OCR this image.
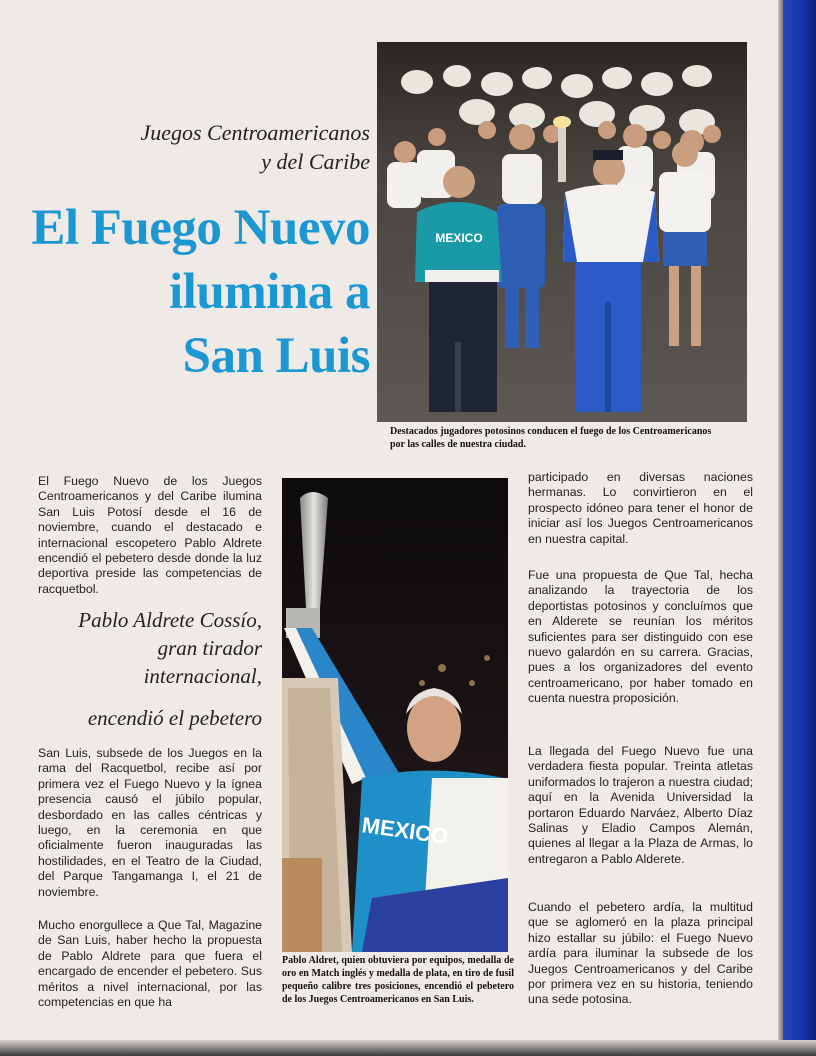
Juegos Centroamericanos
y del Caribe
El Fuego Nuevo
ilumina a
San Luis
MEXICO
Destacados jugadores potosinos conducen el fuego de los Centroamericanos
por las calles de nuestra ciudad.
MEXICO
Pablo Aldret, quien obtuviera por equipos, medalla de oro en Match inglés y medalla de plata, en tiro de fusil pequeño calibre tres posiciones, encendió el pebetero de los Juegos Centroamericanos en San Luis.

El Fuego Nuevo de los Juegos Centroamericanos y del Caribe ilumina San Luis Potosí desde el 16 de noviembre, cuando el destacado e internacional escopetero Pablo Aldrete encendió el pebetero desde donde la luz deportiva preside las competencias de racquetbol.

Pablo Aldrete Cossío,
gran tirador
internacional,
encendió el pebetero

San Luis, subsede de los Juegos en la rama del Racquetbol, recibe así por primera vez el Fuego Nuevo y la ígnea presencia causó el júbilo popular, desbordado en las calles céntricas y luego, en la ceremonia en que oficialmente fueron inauguradas las hostilidades, en el Teatro de la Ciudad, del Parque Tangamanga I, el 21 de noviembre.

Mucho enorgullece a Que Tal, Magazine de San Luis, haber hecho la propuesta de Pablo Aldrete para que fuera el encargado de encender el pebetero. Sus méritos a nivel internacional, por las competencias en que ha

participado en diversas naciones hermanas. Lo convirtieron en el prospecto idóneo para tener el honor de iniciar así los Juegos Centroamericanos en nuestra capital.

Fue una propuesta de Que Tal, hecha analizando la trayectoria de los deportistas potosinos y concluímos que en Alderete se reunían los méritos suficientes para ser distinguido con ese nuevo galardón en su carrera. Gracias, pues a los organizadores del evento centroamericano, por haber tomado en cuenta nuestra proposición.

La llegada del Fuego Nuevo fue una verdadera fiesta popular. Treinta atletas uniformados lo trajeron a nuestra ciudad; aquí en la Avenida Universidad la portaron Eduardo Narváez, Alberto Díaz Salinas y Eladio Campos Alemán, quienes al llegar a la Plaza de Armas, lo entregaron a Pablo Alderete.

Cuando el pebetero ardía, la multitud que se aglomeró en la plaza principal hizo estallar su júbilo: el Fuego Nuevo ardía para iluminar la subsede de los Juegos Centroamericanos y del Caribe por primera vez en su historia, teniendo una sede potosina.
